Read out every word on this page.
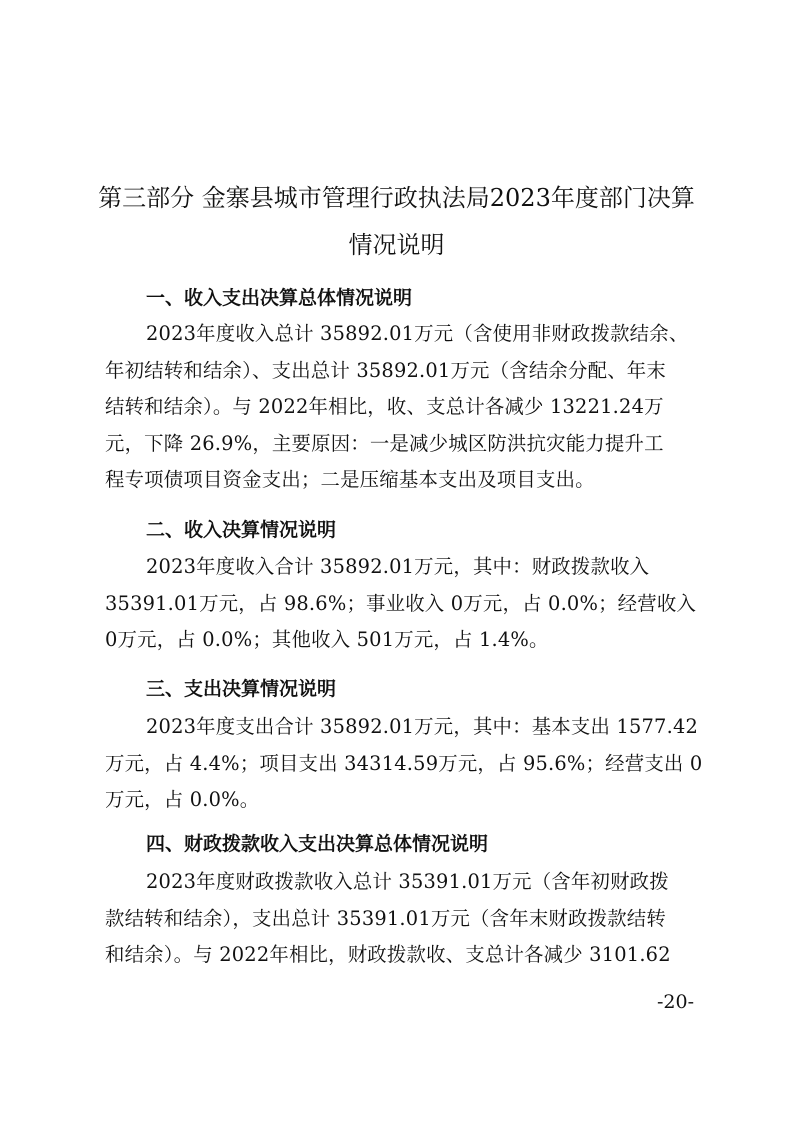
第三部分 金寨县城市管理行政执法局2023年度部门决算
情况说明
一、收入支出决算总体情况说明
2023年度收入总计 35892.01万元（含使用非财政拨款结余、
年初结转和结余）、支出总计 35892.01万元（含结余分配、年末
结转和结余）。与 2022年相比，收、支总计各减少 13221.24万
元，下降 26.9%，主要原因：一是减少城区防洪抗灾能力提升工
程专项债项目资金支出；二是压缩基本支出及项目支出。
二、收入决算情况说明
2023年度收入合计 35892.01万元，其中：财政拨款收入
35391.01万元，占 98.6%；事业收入 0万元，占 0.0%；经营收入
0万元，占 0.0%；其他收入 501万元，占 1.4%。
三、支出决算情况说明
2023年度支出合计 35892.01万元，其中：基本支出 1577.42
万元，占 4.4%；项目支出 34314.59万元，占 95.6%；经营支出 0
万元，占 0.0%。
四、财政拨款收入支出决算总体情况说明
2023年度财政拨款收入总计 35391.01万元（含年初财政拨
款结转和结余），支出总计 35391.01万元（含年末财政拨款结转
和结余）。与 2022年相比，财政拨款收、支总计各减少 3101.62
-20-
